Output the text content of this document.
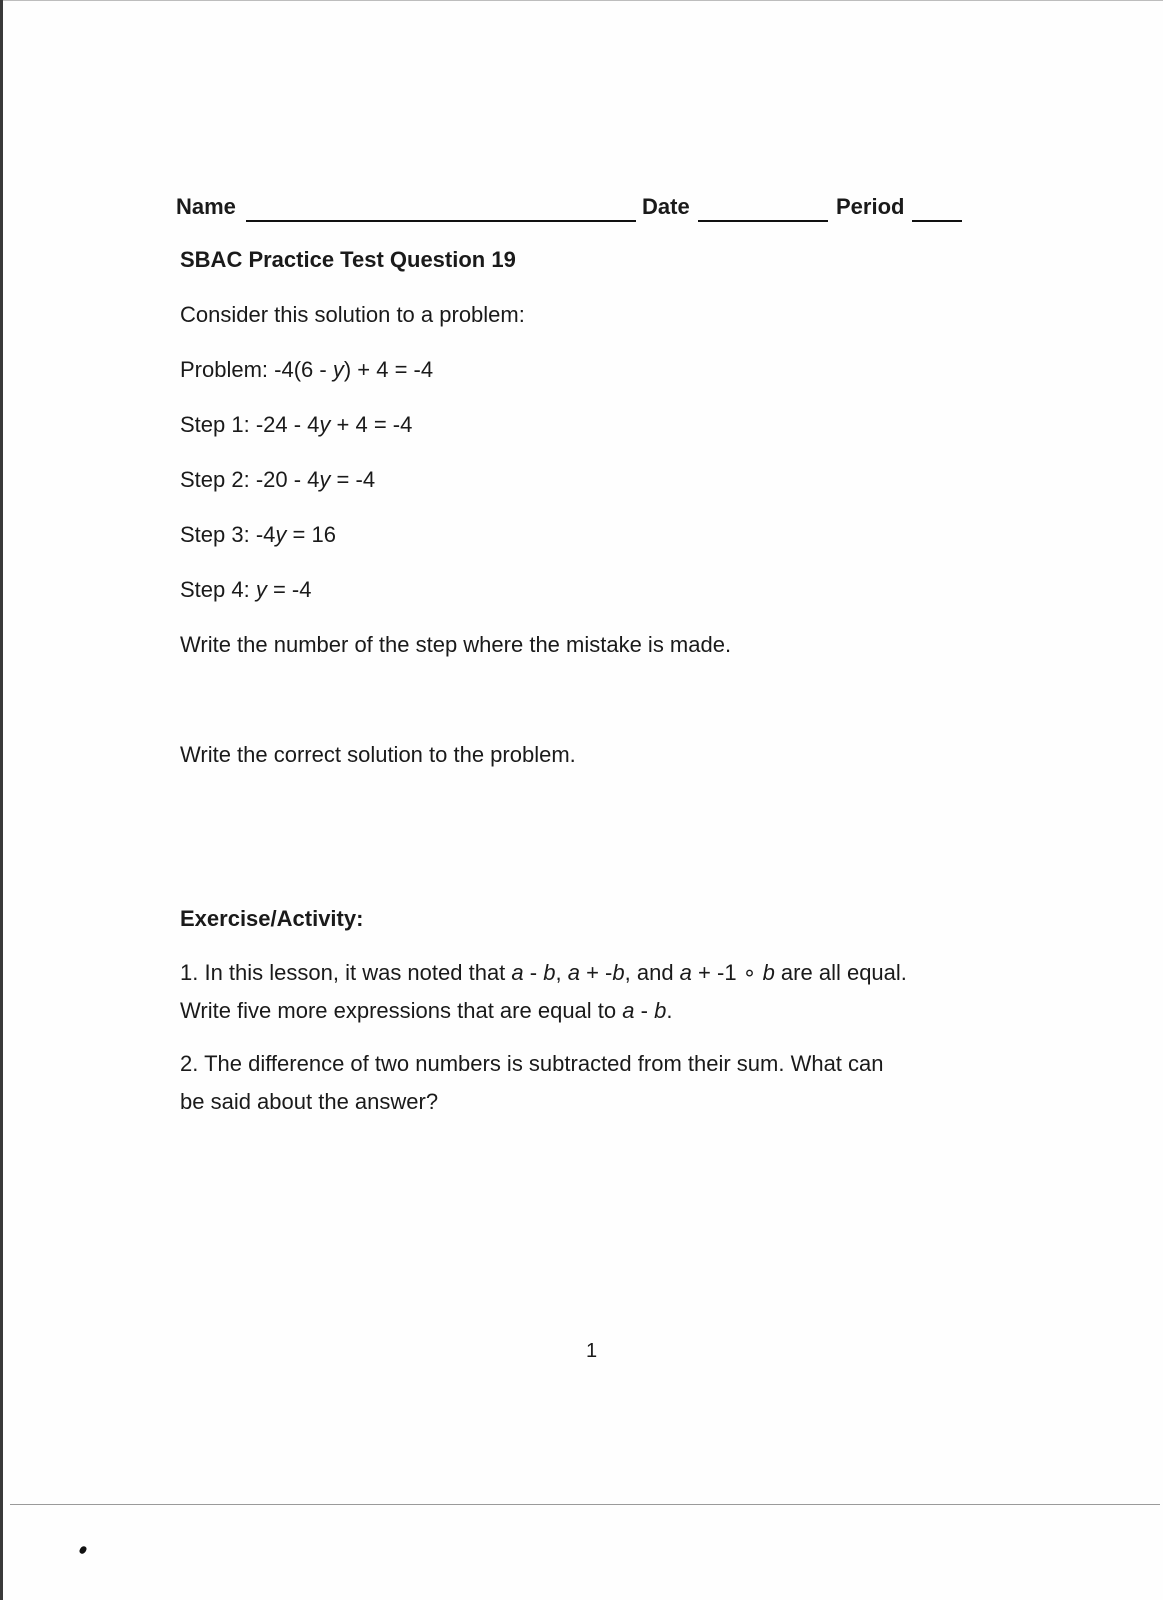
Name	Date	Period
SBAC Practice Test Question 19
Consider this solution to a problem:
Problem: -4(6 - y) + 4 = -4
Step 1: -24 - 4y + 4 = -4
Step 2: -20 - 4y = -4
Step 3: -4y = 16
Step 4: y = -4
Write the number of the step where the mistake is made.
Write the correct solution to the problem.
Exercise/Activity:
1. In this lesson, it was noted that a - b, a + -b, and a + -1 ∘ b are all equal.
Write five more expressions that are equal to a - b.
2. The difference of two numbers is subtracted from their sum. What can
be said about the answer?
1
